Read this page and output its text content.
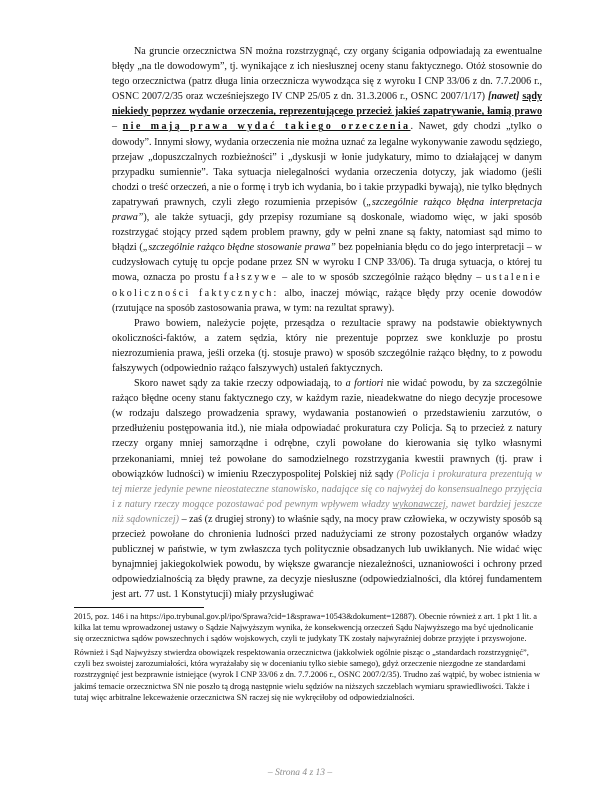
Na gruncie orzecznictwa SN można rozstrzygnąć, czy organy ścigania odpowiadają za ewentualne błędy „na tle dowodowym”, tj. wynikające z ich niesłusznej oceny stanu faktycznego. Otóż stosownie do tego orzecznictwa (patrz długa linia orzecznicza wywodząca się z wyroku I CNP 33/06 z dn. 7.7.2006 r., OSNC 2007/2/35 oraz wcześniejszego IV CNP 25/05 z dn. 31.3.2006 r., OSNC 2007/1/17) [nawet] sądy niekiedy poprzez wydanie orzeczenia, reprezentującego przecież jakieś zapatrywanie, łamią prawo – nie mają prawa wydać takiego orzeczenia. Nawet, gdy chodzi „tylko o dowody”. Innymi słowy, wydania orzeczenia nie można uznać za legalne wykonywanie zawodu sędziego, przejaw „dopuszczalnych rozbieżności” i „dyskusji w łonie judykatury, mimo to działającej w danym przypadku sumiennie”. Taka sytuacja nielegalności wydania orzeczenia dotyczy, jak wiadomo (jeśli chodzi o treść orzeczeń, a nie o formę i tryb ich wydania, bo i takie przypadki bywają), nie tylko błędnych zapatrywań prawnych, czyli złego rozumienia przepisów („szczególnie rażąco błędna interpretacja prawa”), ale także sytuacji, gdy przepisy rozumiane są doskonale, wiadomo więc, w jaki sposób rozstrzygać stojący przed sądem problem prawny, gdy w pełni znane są fakty, natomiast sąd mimo to błądzi („szczególnie rażąco błędne stosowanie prawa” bez popełniania błędu co do jego interpretacji – w cudzysłowach cytuję tu opcje podane przez SN w wyroku I CNP 33/06). Ta druga sytuacja, o której tu mowa, oznacza po prostu fałszywe – ale to w sposób szczególnie rażąco błędny – ustalenie okoliczności faktycznych: albo, inaczej mówiąc, rażące błędy przy ocenie dowodów (rzutujące na sposób zastosowania prawa, w tym: na rezultat sprawy).

Prawo bowiem, należycie pojęte, przesądza o rezultacie sprawy na podstawie obiektywnych okoliczności-faktów, a zatem sędzia, który nie prezentuje poprzez swe konkluzje po prostu niezrozumienia prawa, jeśli orzeka (tj. stosuje prawo) w sposób szczególnie rażąco błędny, to z powodu fałszywych (odpowiednio rażąco fałszywych) ustaleń faktycznych.

Skoro nawet sądy za takie rzeczy odpowiadają, to a fortiori nie widać powodu, by za szczególnie rażąco błędne oceny stanu faktycznego czy, w każdym razie, nieadekwatne do niego decyzje procesowe (w rodzaju dalszego prowadzenia sprawy, wydawania postanowień o przedstawieniu zarzutów, o przedłużeniu postępowania itd.), nie miała odpowiadać prokuratura czy Policja. Są to przecież z natury rzeczy organy mniej samorządne i odrębne, czyli powołane do kierowania się tylko własnymi przekonaniami, mniej też powołane do samodzielnego rozstrzygania kwestii prawnych (tj. praw i obowiązków ludności) w imieniu Rzeczypospolitej Polskiej niż sądy (Policja i prokuratura prezentują w tej mierze jedynie pewne nieostateczne stanowisko, nadające się co najwyżej do konsensualnego przyjęcia i z natury rzeczy mogące pozostawać pod pewnym wpływem władzy wykonawczej, nawet bardziej jeszcze niż sądowniczej) – zaś (z drugiej strony) to właśnie sądy, na mocy praw człowieka, w oczywisty sposób są przecież powołane do chronienia ludności przed nadużyciami ze strony pozostałych organów władzy publicznej w państwie, w tym zwłaszcza tych politycznie obsadzanych lub uwikłanych. Nie widać więc bynajmniej jakiegokolwiek powodu, by większe gwarancje niezależności, uznaniowości i ochrony przed odpowiedzialnością za błędy prawne, za decyzje niesłuszne (odpowiedzialności, dla której fundamentem jest art. 77 ust. 1 Konstytucji) miały przysługiwać

2015, poz. 146 i na https://ipo.trybunal.gov.pl/ipo/Sprawa?cid=1&sprawa=10543&dokument=12887). Obecnie również z art. 1 pkt 1 lit. a kilka lat temu wprowadzonej ustawy o Sądzie Najwyższym wynika, że konsekwencją orzeczeń Sądu Najwyższego ma być ujednolicanie się orzecznictwa sądów powszechnych i sądów wojskowych, czyli te judykaty TK zostały najwyraźniej dobrze przyjęte i przyswojone.

Również i Sąd Najwyższy stwierdza obowiązek respektowania orzecznictwa (jakkolwiek ogólnie pisząc o „standardach rozstrzygnięć”, czyli bez swoistej zarozumiałości, która wyrażałaby się w docenianiu tylko siebie samego), gdyż orzeczenie niezgodne ze standardami rozstrzygnięć jest bezprawnie istniejące (wyrok I CNP 33/06 z dn. 7.7.2006 r., OSNC 2007/2/35). Trudno zaś wątpić, by wobec istnienia w jakimś temacie orzecznictwa SN nie poszło tą drogą następnie wielu sędziów na niższych szczeblach wymiaru sprawiedliwości. Także i tutaj więc arbitralne lekceważenie orzecznictwa SN raczej się nie wykręciłoby od odpowiedzialności.

– Strona 4 z 13 –
